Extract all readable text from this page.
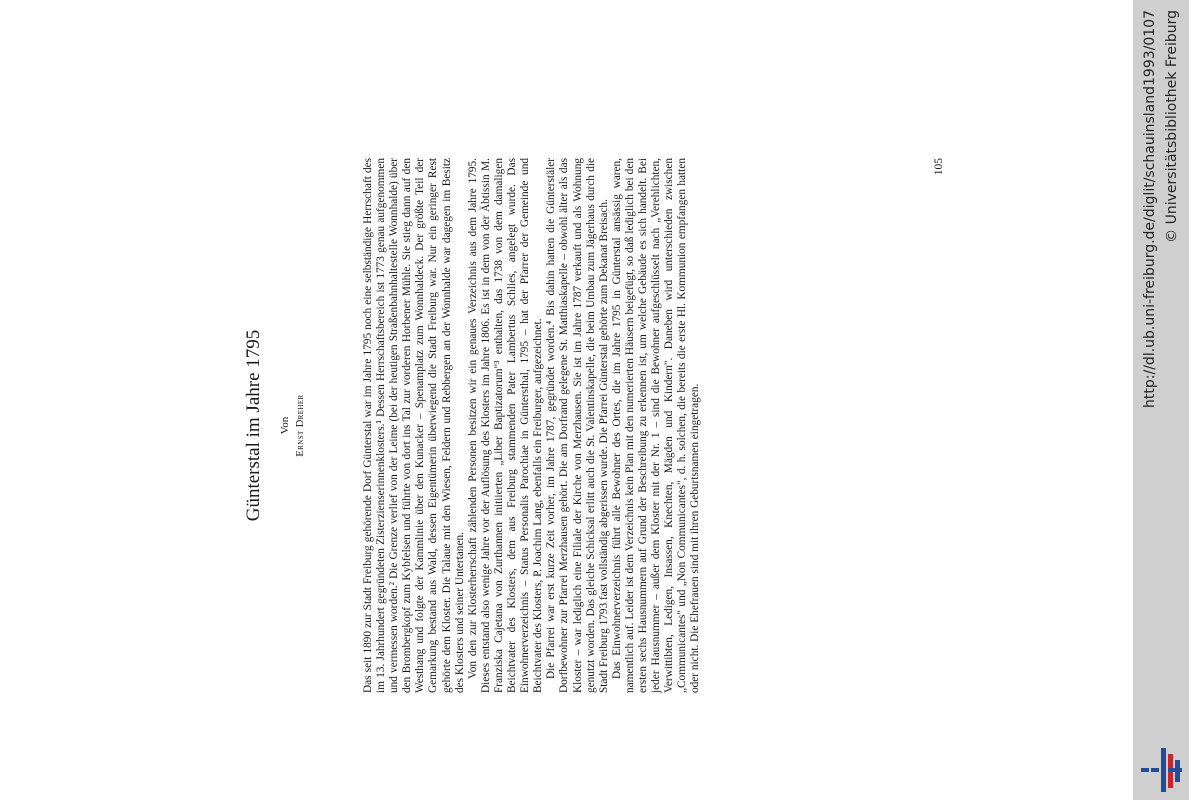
Günterstal im Jahre 1795	Von Ernst Dreher	Das seit 1890 zur Stadt Freiburg gehörende Dorf Günterstal war im Jahre 1795 noch eine selbständige Herrschaft des im 13. Jahrhundert gegründeten Zisterzienserinnenklosters.¹ Dessen Herrschaftsbereich ist 1773 genau aufgenommen und vermessen worden.² Die Grenze verlief von der Leime (bei der heutigen Straßenbahnhaltestelle Wonnhalde) über den Brombergkopf zum Kybfelsen und führte von dort ins Tal zur vorderen Horbener Mühle. Sie stieg dann auf den Westhang und folgte der Kammlinie über den Kunacker – Spenamplatz zum Wonnhaldeck. Der größte Teil der Gemarkung bestand aus Wald, dessen Eigentümerin überwiegend die Stadt Freiburg war. Nur ein geringer Rest gehörte dem Kloster. Die Talaue mit den Wiesen, Feldern und Rebbergen an der Wonnhalde war dagegen im Besitz des Klosters und seiner Untertanen. Von den zur Klosterherrschaft zählenden Personen besitzen wir ein genaues Verzeichnis aus dem Jahre 1795. Dieses entstand also wenige Jahre vor der Auflösung des Klosters im Jahre 1806. Es ist in dem von der Äbtissin M. Franziska Cajetana von Zurthannen initiierten „Liber Baptizatorum"³ enthalten, das 1738 von dem damaligen Beichtvater des Klosters, dem aus Freiburg stammenden Pater Lambertus Schlies, angelegt wurde. Das Einwohnerverzeichnis – Status Personalis Parochiae in Güntersthal, 1795 – hat der Pfarrer der Gemeinde und Beichtvater des Klosters, P. Joachim Lang, ebenfalls ein Freiburger, aufgezeichnet. Die Pfarrei war erst kurze Zeit vorher, im Jahre 1787, gegründet worden.⁴ Bis dahin hatten die Günterstäler Dorfbewohner zur Pfarrei Merzhausen gehört. Die am Dorfrand gelegene St. Matthiaskapelle – obwohl älter als das Kloster – war lediglich eine Filiale der Kirche von Merzhausen. Sie ist im Jahre 1787 verkauft und als Wohnung genutzt worden. Das gleiche Schicksal erlitt auch die St. Valentinskapelle, die beim Umbau zum Jägerhaus durch die Stadt Freiburg 1793 fast vollständig abgerissen wurde. Die Pfarrei Günterstal gehörte zum Dekanat Breisach. Das Einwohnerverzeichnis führt alle Bewohner des Ortes, die im Jahre 1795 in Günterstal ansässig waren, namentlich auf. Leider ist dem Verzeichnis kein Plan mit den numerierten Häusern beigefügt, so daß lediglich bei den ersten sechs Hausnummern auf Grund der Beschreibung zu erkennen ist, um welche Gebäude es sich handelt. Bei jeder Hausnummer – außer dem Kloster mit der Nr. 1 – sind die Bewohner aufgeschlüsselt nach „Verehlichten, Verwittibten, Ledigen, Insassen, Knechten, Mägden und Kindern". Daneben wird unterschieden zwischen „Communicantes" und „Non Communicantes", d. h. solchen, die bereits die erste Hl. Kommunion empfangen hatten oder nicht. Die Ehefrauen sind mit ihren Geburtsnamen eingetragen.

105	http://dl.ub.uni-freiburg.de/diglit/schauinsland1993/0107 © Universitätsbibliothek Freiburg
